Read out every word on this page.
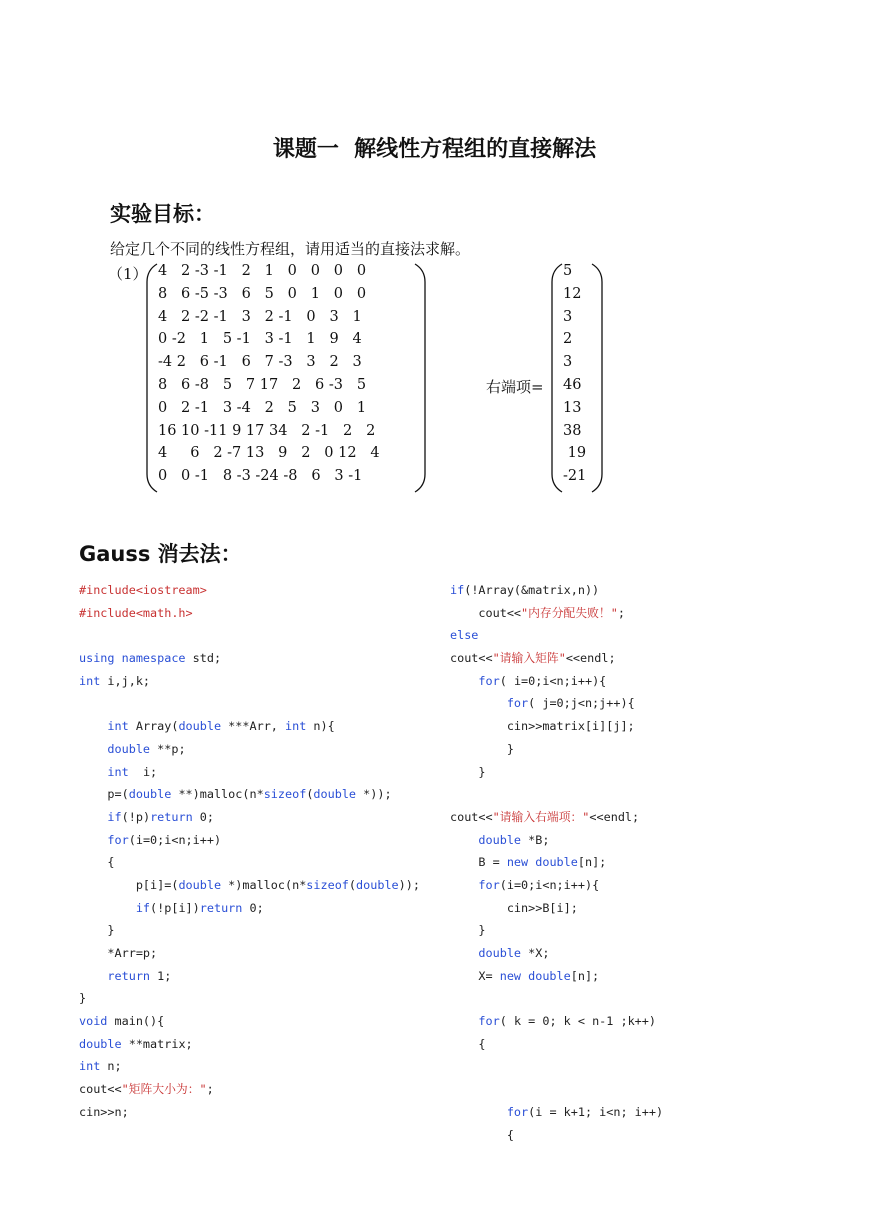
课题一  解线性方程组的直接解法
实验目标：
给定几个不同的线性方程组，请用适当的直接法求解。
（1） 4   2 -3 -1   2   1   0   0   0   0
8   6 -5 -3   6   5   0   1   0   0
4   2 -2 -1   3   2 -1   0   3   1
0 -2   1   5 -1   3 -1   1   9   4
-4 2   6 -1   6   7 -3   3   2   3
8   6 -8   5   7 17   2   6 -3   5
0   2 -1   3 -4   2   5   3   0   1
16 10 -11 9 17 34   2 -1   2   2
4     6   2 -7 13   9   2   0 12   4
0   0 -1   8 -3 -24 -8   6   3 -1
右端项=
5
12
3
2
3
46
13
38
19
-21
Gauss 消去法：
#include<iostream>
#include<math.h>

using namespace std;
int i,j,k;

int Array(double ***Arr, int n){
double **p;
int  i;
p=(double **)malloc(n*sizeof(double *));
if(!p)return 0;
for(i=0;i<n;i++)
{
p[i]=(double *)malloc(n*sizeof(double));
if(!p[i])return 0;
}
*Arr=p;
return 1;
}
void main(){
double **matrix;
int n;
cout<<"矩阵大小为：";
cin>>n;
if(!Array(&matrix,n))
cout<<"内存分配失败！";
else
cout<<"请输入矩阵"<<endl;
for( i=0;i<n;i++){
for( j=0;j<n;j++){
cin>>matrix[i][j];
}
}

cout<<"请输入右端项："<<endl;
double *B;
B = new double[n];
for(i=0;i<n;i++){
cin>>B[i];
}
double *X;
X= new double[n];

for( k = 0; k < n-1 ;k++)
{

for(i = k+1; i<n; i++)
{
